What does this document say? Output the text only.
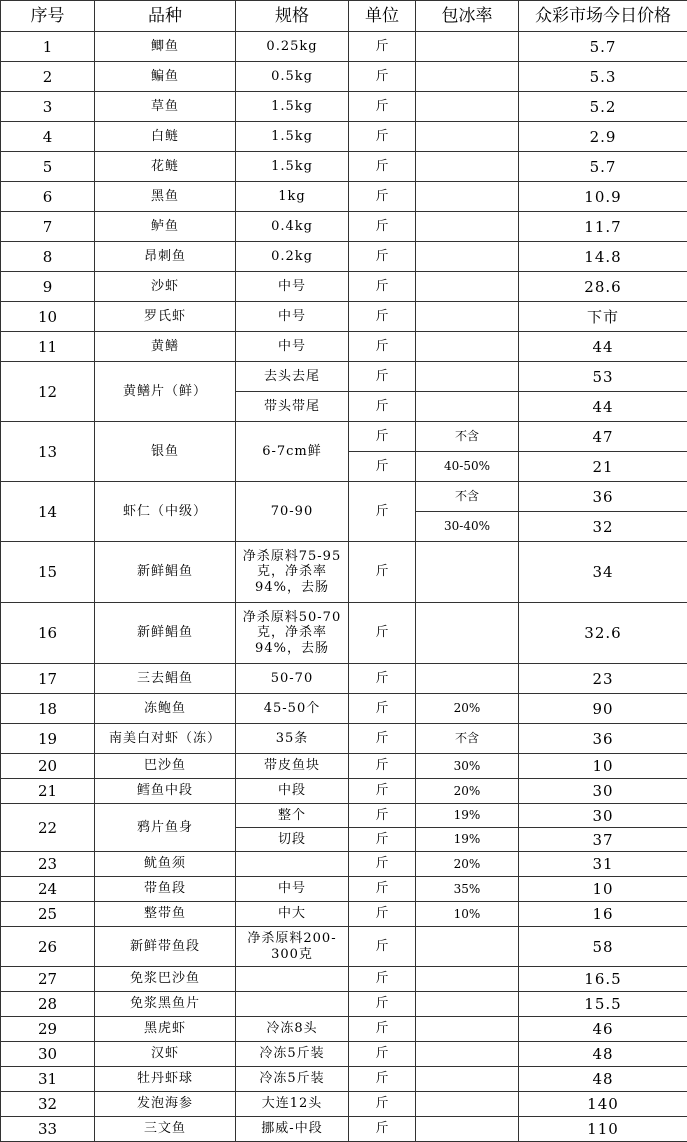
序号	品种	规格	单位	包冰率	众彩市场今日价格
1	鲫鱼	0.25kg	斤		5.7
2	鳊鱼	0.5kg	斤		5.3
3	草鱼	1.5kg	斤		5.2
4	白鲢	1.5kg	斤		2.9
5	花鲢	1.5kg	斤		5.7
6	黑鱼	1kg	斤		10.9
7	鲈鱼	0.4kg	斤		11.7
8	昂刺鱼	0.2kg	斤		14.8
9	沙虾	中号	斤		28.6
10	罗氏虾	中号	斤		下市
11	黄鳝	中号	斤		44
12	黄鳝片（鲜）	去头去尾	斤		53
		带头带尾	斤		44
13	银鱼	6-7cm鲜	斤	不含	47
			斤	40-50%	21
14	虾仁（中级）	70-90	斤	不含	36
				30-40%	32
15	新鲜鲳鱼	净杀原料75-95克，净杀率94%，去肠	斤		34
16	新鲜鲳鱼	净杀原料50-70克，净杀率94%，去肠	斤		32.6
17	三去鲳鱼	50-70	斤		23
18	冻鲍鱼	45-50个	斤	20%	90
19	南美白对虾（冻）	35条	斤	不含	36
20	巴沙鱼	带皮鱼块	斤	30%	10
21	鳕鱼中段	中段	斤	20%	30
22	鸦片鱼身	整个	斤	19%	30
		切段	斤	19%	37
23	鱿鱼须		斤	20%	31
24	带鱼段	中号	斤	35%	10
25	整带鱼	中大	斤	10%	16
26	新鲜带鱼段	净杀原料200-300克	斤		58
27	免浆巴沙鱼		斤		16.5
28	免浆黑鱼片		斤		15.5
29	黑虎虾	冷冻8头	斤		46
30	汉虾	冷冻5斤装	斤		48
31	牡丹虾球	冷冻5斤装	斤		48
32	发泡海参	大连12头	斤		140
33	三文鱼	挪威-中段	斤		110
